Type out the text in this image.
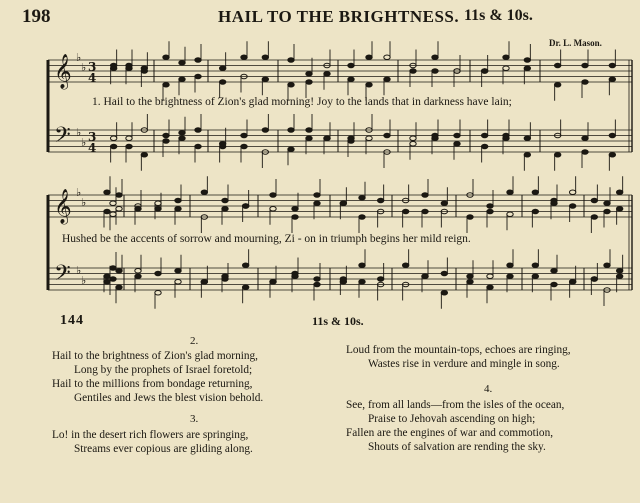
198	HAIL TO THE BRIGHTNESS. 11s & 10s.
Dr. L. Mason.
𝄞 ♭
♭ 3
4
𝄢 ♭
♭ 3
4
𝄞 ♭
♭
𝄢 ♭
♭
1. Hail to the brightness of Zion's glad morning! Joy to the lands that in darkness have lain;
Hushed be the accents of sorrow and mourning, Zi - on in triumph begins her mild reign.
144	11s & 10s.
2.
Hail to the brightness of Zion's glad morning,
Long by the prophets of Israel foretold;
Hail to the millions from bondage returning,
Gentiles and Jews the blest vision behold.
3.
Lo! in the desert rich flowers are springing,
Streams ever copious are gliding along.
Loud from the mountain-tops, echoes are ringing,
Wastes rise in verdure and mingle in song.
4.
See, from all lands—from the isles of the ocean,
Praise to Jehovah ascending on high;
Fallen are the engines of war and commotion,
Shouts of salvation are rending the sky.
